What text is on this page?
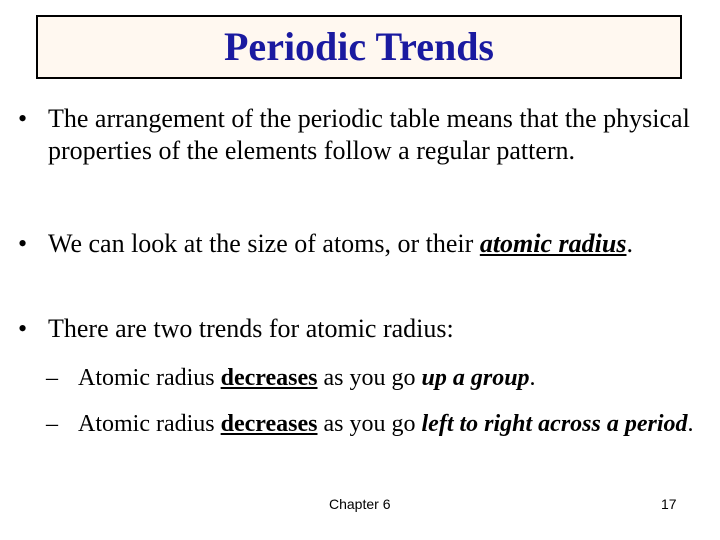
Periodic Trends
• The arrangement of the periodic table means that the physical properties of the elements follow a regular pattern.
• We can look at the size of atoms, or their atomic radius.
• There are two trends for atomic radius:
– Atomic radius decreases as you go up a group.
– Atomic radius decreases as you go left to right across a period.
Chapter 6	17
